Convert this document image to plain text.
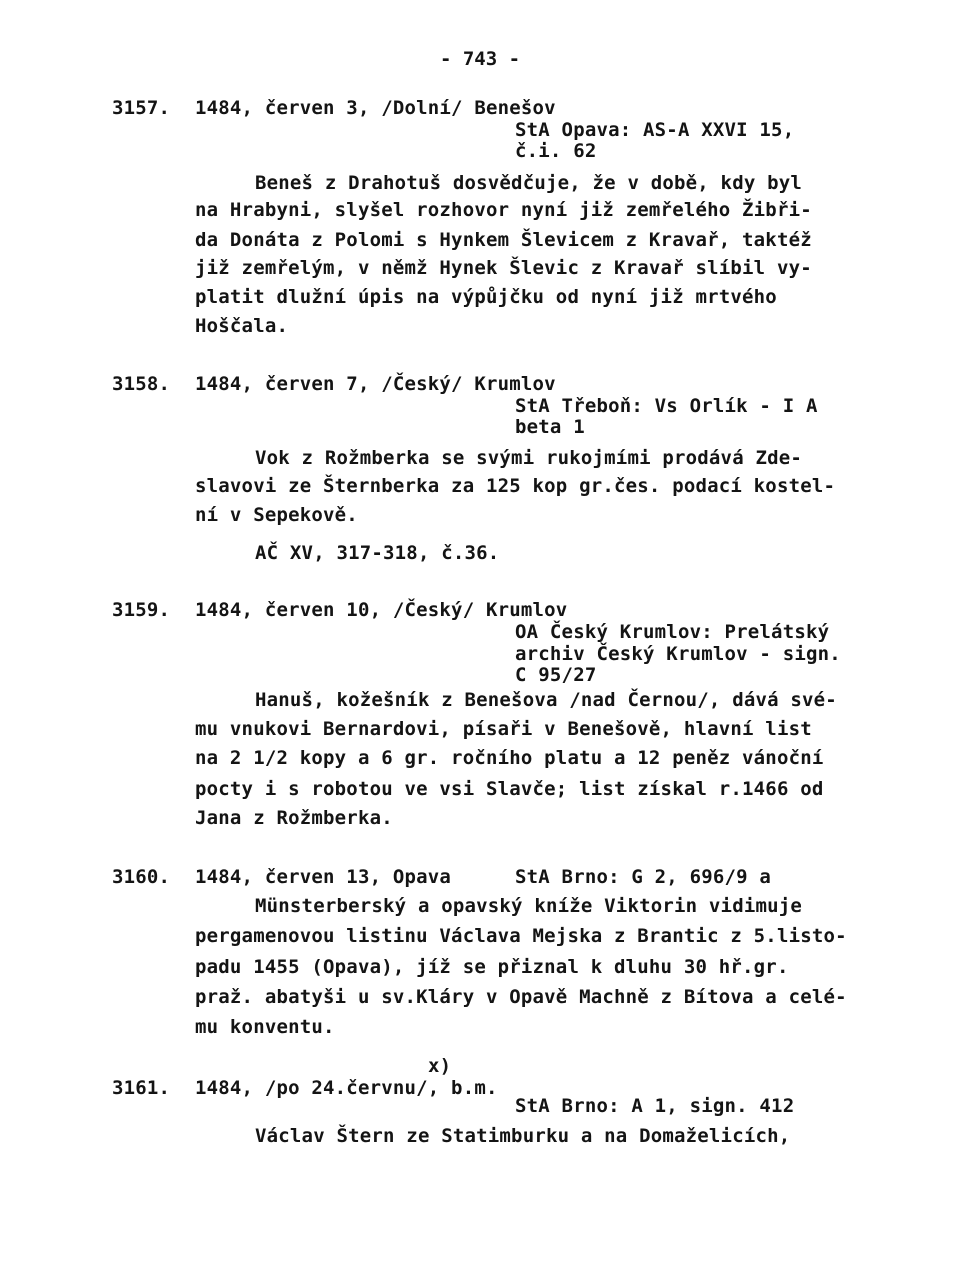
- 743 -
3157. 1484, červen 3, /Dolní/ Benešov
StA Opava: AS-A XXVI 15,
č.i. 62
Beneš z Drahotuš dosvědčuje, že v době, kdy byl
na Hrabyni, slyšel rozhovor nyní již zemřelého Žibři-
da Donáta z Polomi s Hynkem Šlevicem z Kravař, taktéž
již zemřelým, v němž Hynek Šlevic z Kravař slíbil vy-
platit dlužní úpis na výpůjčku od nyní již mrtvého
Hoščala.
3158. 1484, červen 7, /Český/ Krumlov
StA Třeboň: Vs Orlík - I A
beta 1
Vok z Rožmberka se svými rukojmími prodává Zde-
slavovi ze Šternberka za 125 kop gr.čes. podací kostel-
ní v Sepekově.
AČ XV, 317-318, č.36.
3159. 1484, červen 10, /Český/ Krumlov
OA Český Krumlov: Prelátský
archiv Český Krumlov - sign.
C 95/27
Hanuš, kožešník z Benešova /nad Černou/, dává své-
mu vnukovi Bernardovi, písaři v Benešově, hlavní list
na 2 1/2 kopy a 6 gr. ročního platu a 12 peněz vánoční
pocty i s robotou ve vsi Slavče; list získal r.1466 od
Jana z Rožmberka.
3160. 1484, červen 13, Opava	StA Brno: G 2, 696/9 a
Münsterberský a opavský kníže Viktorin vidimuje
pergamenovou listinu Václava Mejska z Brantic z 5.listo-
padu 1455 (Opava), jíž se přiznal k dluhu 30 hř.gr.
praž. abatyši u sv.Kláry v Opavě Machně z Bítova a celé-
mu konventu.
x)
3161. 1484, /po 24.červnu/, b.m.
StA Brno: A 1, sign. 412
Václav Štern ze Statimburku a na Domaželicích,
